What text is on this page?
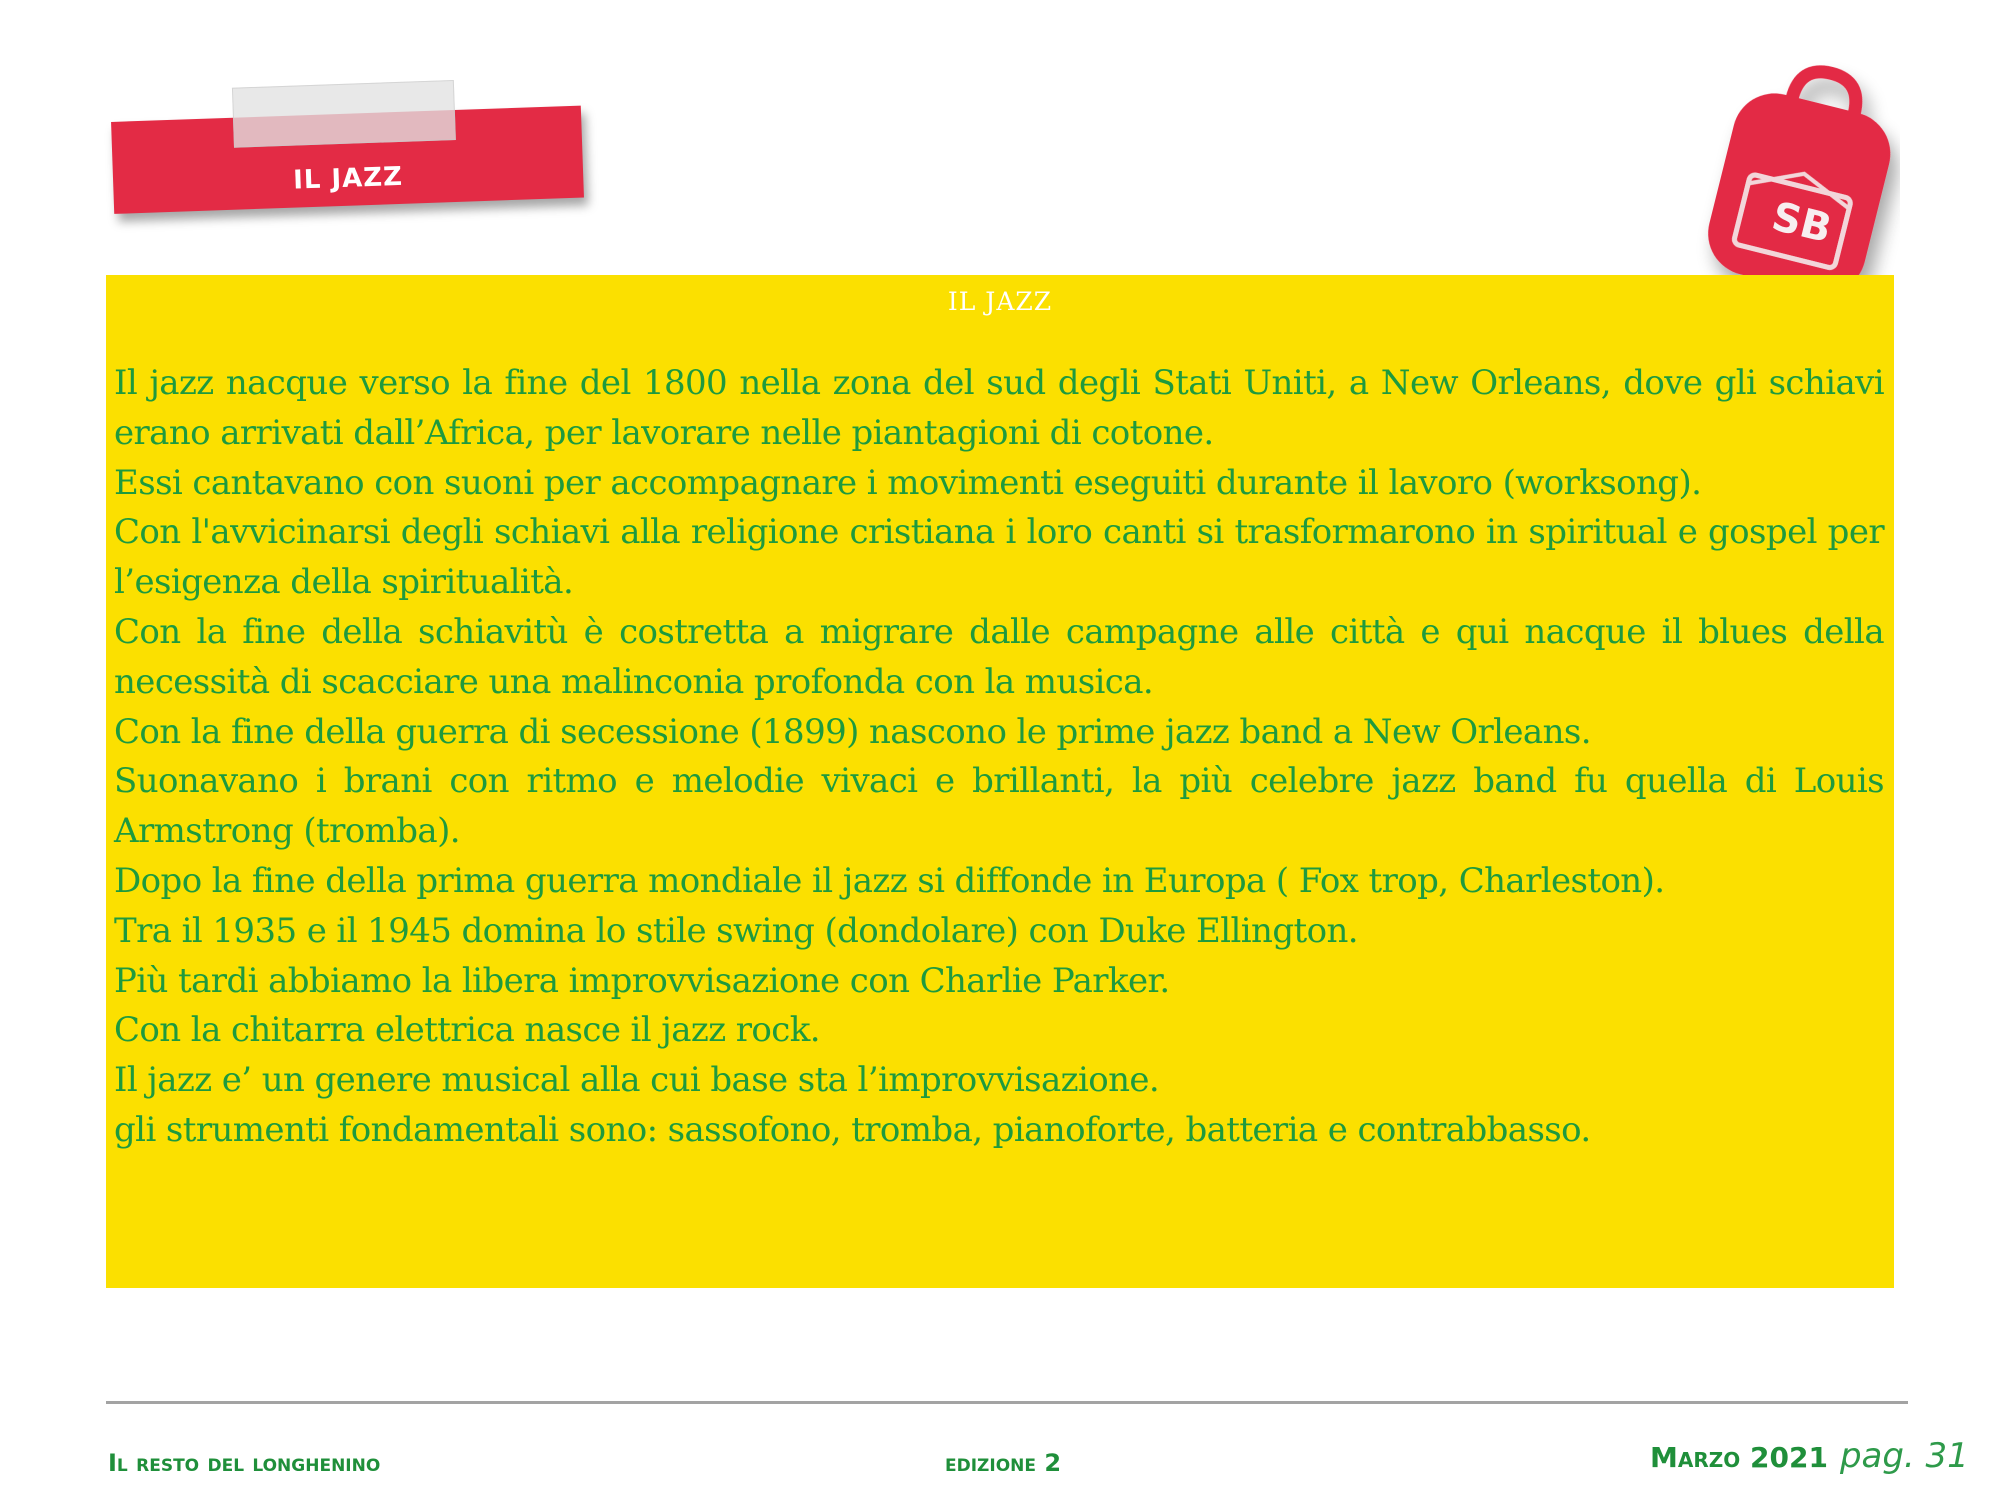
IL JAZZ
SB
IL JAZZ

Il jazz nacque verso la fine del 1800 nella zona del sud degli Stati Uniti, a New Orleans, dove gli schiavi erano arrivati dall’Africa, per lavorare nelle piantagioni di cotone.

Essi cantavano con suoni per accompagnare i movimenti eseguiti durante il lavoro (worksong).

Con l'avvicinarsi degli schiavi alla religione cristiana i loro canti si trasformarono in spiritual e gospel per l’esigenza della spiritualità.

Con la fine della schiavitù è costretta a migrare dalle campagne alle città e qui nacque il blues della necessità di scacciare una malinconia profonda con la musica.

Con la fine della guerra di secessione (1899) nascono le prime jazz band a New Orleans.

Suonavano i brani con ritmo e melodie vivaci e brillanti, la più celebre jazz band fu quella di Louis Armstrong (tromba).

Dopo la fine della prima guerra mondiale il jazz si diffonde in Europa ( Fox trop, Charleston).

Tra il 1935 e il 1945 domina lo stile swing (dondolare) con Duke Ellington.

Più tardi abbiamo la libera improvvisazione con Charlie Parker.

Con la chitarra elettrica nasce il jazz rock.

Il jazz e’ un genere musical alla cui base sta l’improvvisazione.

gli strumenti fondamentali sono: sassofono, tromba, pianoforte, batteria e contrabbasso.

Il resto del longhenino	edizione 2	Marzo 2021 pag. 31
